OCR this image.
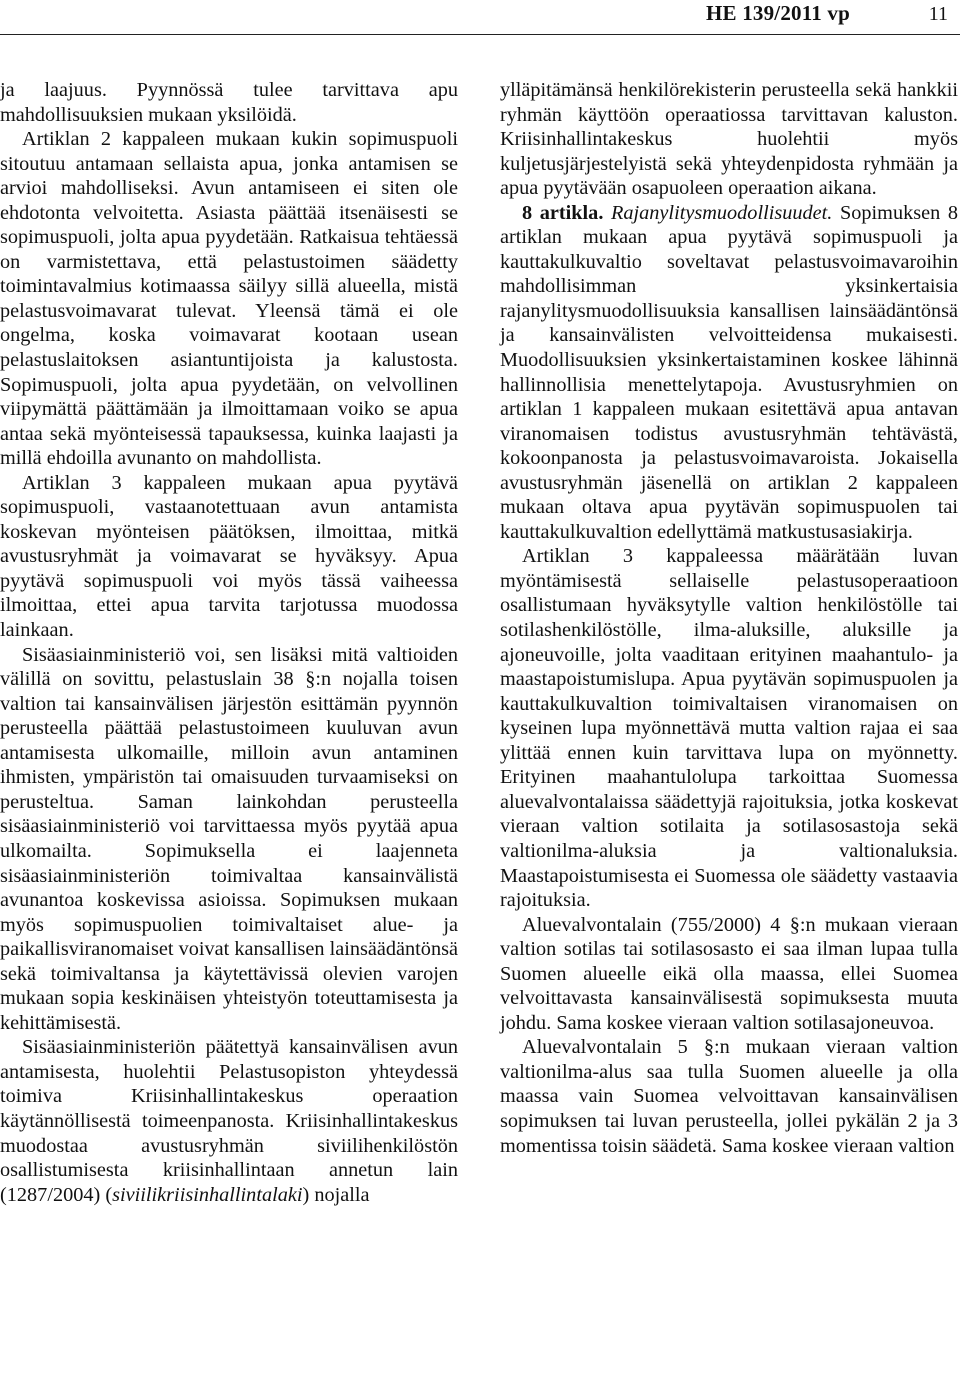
HE 139/2011 vp	11

ja laajuus. Pyynnössä tulee tarvittava apu mahdollisuuksien mukaan yksilöidä.

Artiklan 2 kappaleen mukaan kukin sopimuspuoli sitoutuu antamaan sellaista apua, jonka antamisen se arvioi mahdolliseksi. Avun antamiseen ei siten ole ehdotonta velvoitetta. Asiasta päättää itsenäisesti se sopimuspuoli, jolta apua pyydetään. Ratkaisua tehtäessä on varmistettava, että pelastustoimen säädetty toimintavalmius kotimaassa säilyy sillä alueella, mistä pelastusvoimavarat tulevat. Yleensä tämä ei ole ongelma, koska voimavarat kootaan usean pelastuslaitoksen asiantuntijoista ja kalustosta. Sopimuspuoli, jolta apua pyydetään, on velvollinen viipymättä päättämään ja ilmoittamaan voiko se apua antaa sekä myönteisessä tapauksessa, kuinka laajasti ja millä ehdoilla avunanto on mahdollista.

Artiklan 3 kappaleen mukaan apua pyytävä sopimuspuoli, vastaanotettuaan avun antamista koskevan myönteisen päätöksen, ilmoittaa, mitkä avustusryhmät ja voimavarat se hyväksyy. Apua pyytävä sopimuspuoli voi myös tässä vaiheessa ilmoittaa, ettei apua tarvita tarjotussa muodossa lainkaan.

Sisäasiainministeriö voi, sen lisäksi mitä valtioiden välillä on sovittu, pelastuslain 38 §:n nojalla toisen valtion tai kansainvälisen järjestön esittämän pyynnön perusteella päättää pelastustoimeen kuuluvan avun antamisesta ulkomaille, milloin avun antaminen ihmisten, ympäristön tai omaisuuden turvaamiseksi on perusteltua. Saman lainkohdan perusteella sisäasiainministeriö voi tarvittaessa myös pyytää apua ulkomailta. Sopimuksella ei laajenneta sisäasiainministeriön toimivaltaa kansainvälistä avunantoa koskevissa asioissa. Sopimuksen mukaan myös sopimuspuolien toimivaltaiset alue- ja paikallisviranomaiset voivat kansallisen lainsäädäntönsä sekä toimivaltansa ja käytettävissä olevien varojen mukaan sopia keskinäisen yhteistyön toteuttamisesta ja kehittämisestä.

Sisäasiainministeriön päätettyä kansainvälisen avun antamisesta, huolehtii Pelastusopiston yhteydessä toimiva Kriisinhallintakeskus operaation käytännöllisestä toimeenpanosta. Kriisinhallintakeskus muodostaa avustusryhmän siviilihenkilöstön osallistumisesta kriisinhallintaan annetun lain (1287/2004) (siviilikriisinhallintalaki) nojalla

ylläpitämänsä henkilörekisterin perusteella sekä hankkii ryhmän käyttöön operaatiossa tarvittavan kaluston. Kriisinhallintakeskus huolehtii myös kuljetusjärjestelyistä sekä yhteydenpidosta ryhmään ja apua pyytävään osapuoleen operaation aikana.

8 artikla. Rajanylitysmuodollisuudet. Sopimuksen 8 artiklan mukaan apua pyytävä sopimuspuoli ja kauttakulkuvaltio soveltavat pelastusvoimavaroihin mahdollisimman yksinkertaisia rajanylitysmuodollisuuksia kansallisen lainsäädäntönsä ja kansainvälisten velvoitteidensa mukaisesti. Muodollisuuksien yksinkertaistaminen koskee lähinnä hallinnollisia menettelytapoja. Avustusryhmien on artiklan 1 kappaleen mukaan esitettävä apua antavan viranomaisen todistus avustusryhmän tehtävästä, kokoonpanosta ja pelastusvoimavaroista. Jokaisella avustusryhmän jäsenellä on artiklan 2 kappaleen mukaan oltava apua pyytävän sopimuspuolen tai kauttakulkuvaltion edellyttämä matkustusasiakirja.

Artiklan 3 kappaleessa määrätään luvan myöntämisestä sellaiselle pelastusoperaatioon osallistumaan hyväksytylle valtion henkilöstölle tai sotilashenkilöstölle, ilma-aluksille, aluksille ja ajoneuvoille, jolta vaaditaan erityinen maahantulo- ja maastapoistumislupa. Apua pyytävän sopimuspuolen ja kauttakulkuvaltion toimivaltaisen viranomaisen on kyseinen lupa myönnettävä mutta valtion rajaa ei saa ylittää ennen kuin tarvittava lupa on myönnetty. Erityinen maahantulolupa tarkoittaa Suomessa aluevalvontalaissa säädettyjä rajoituksia, jotka koskevat vieraan valtion sotilaita ja sotilasosastoja sekä valtionilma-aluksia ja valtionaluksia. Maastapoistumisesta ei Suomessa ole säädetty vastaavia rajoituksia.

Aluevalvontalain (755/2000) 4 §:n mukaan vieraan valtion sotilas tai sotilasosasto ei saa ilman lupaa tulla Suomen alueelle eikä olla maassa, ellei Suomea velvoittavasta kansainvälisestä sopimuksesta muuta johdu. Sama koskee vieraan valtion sotilasajoneuvoa.

Aluevalvontalain 5 §:n mukaan vieraan valtion valtionilma-alus saa tulla Suomen alueelle ja olla maassa vain Suomea velvoittavan kansainvälisen sopimuksen tai luvan perusteella, jollei pykälän 2 ja 3 momentissa toisin säädetä. Sama koskee vieraan valtion
